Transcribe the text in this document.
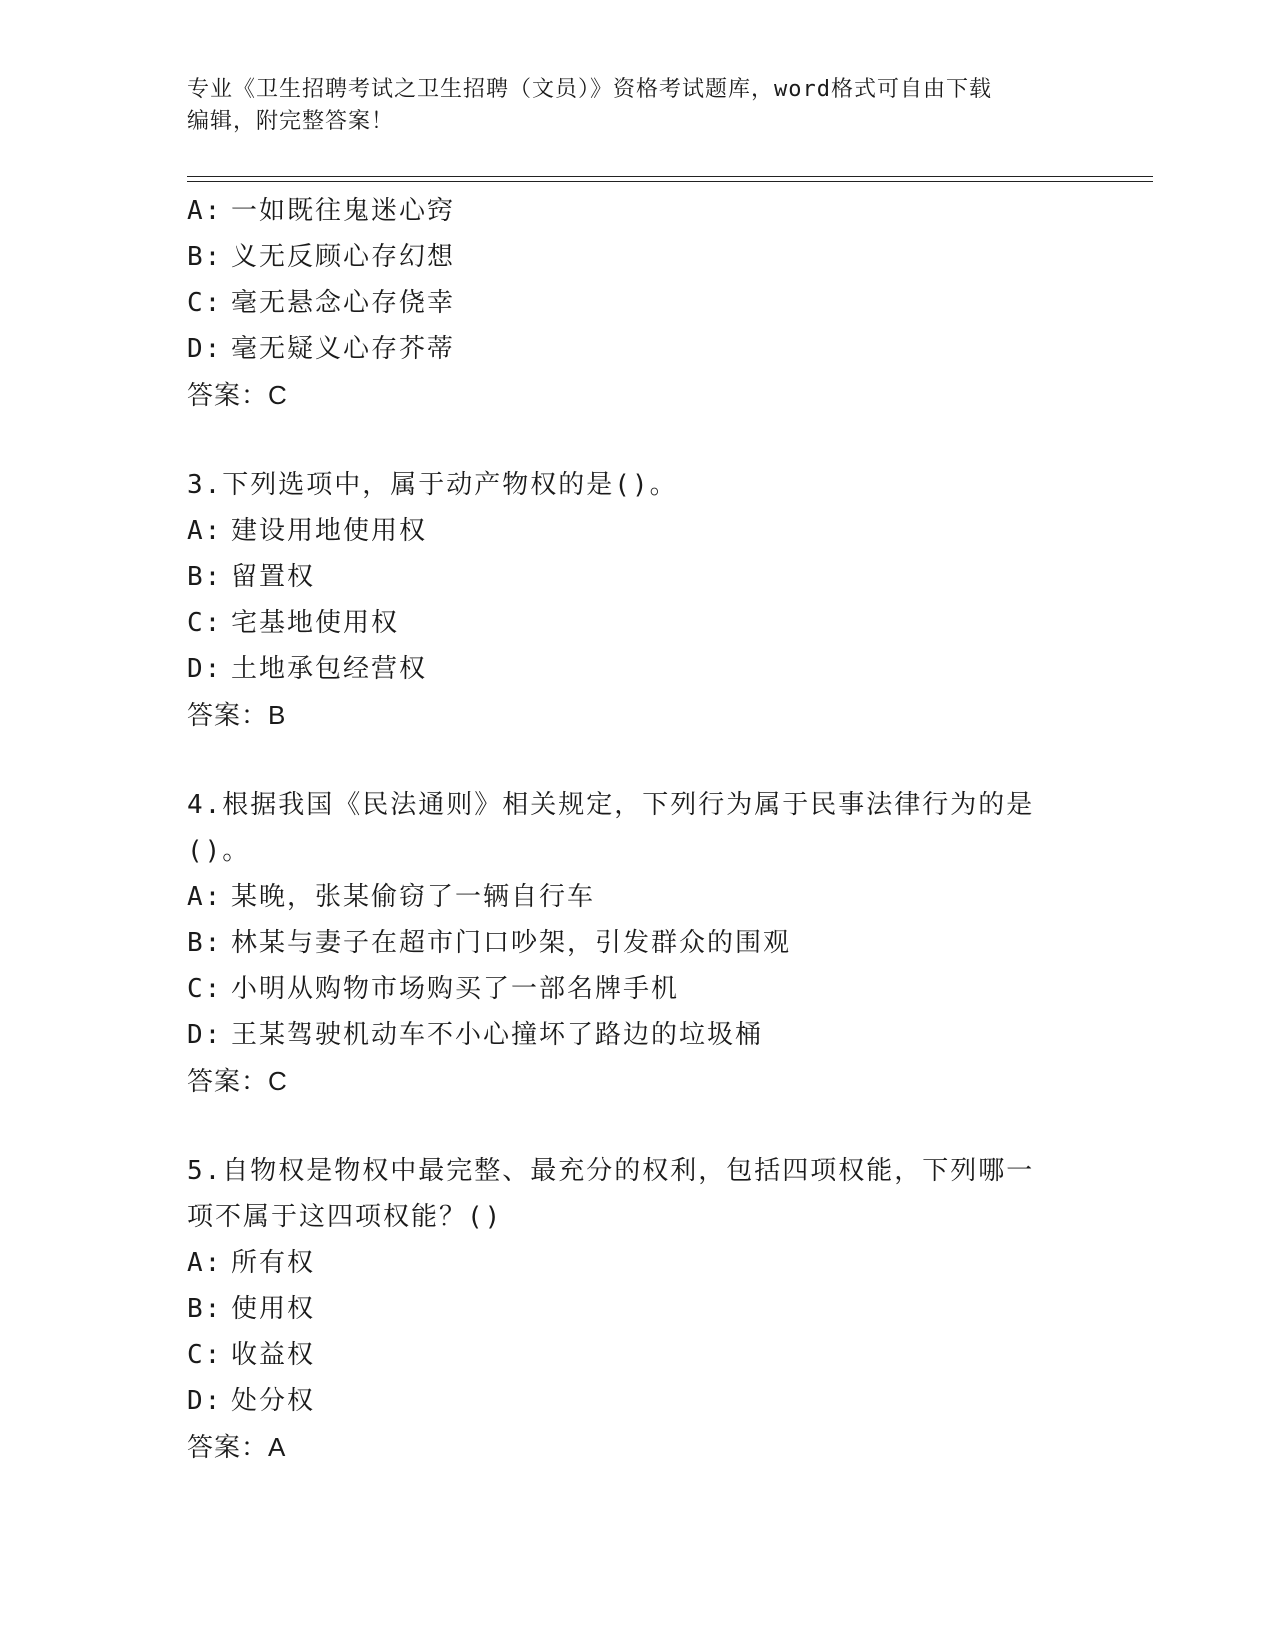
专业《卫生招聘考试之卫生招聘（文员）》资格考试题库，word格式可自由下载
编辑，附完整答案！
A: 一如既往鬼迷心窍
B: 义无反顾心存幻想
C: 毫无悬念心存侥幸
D: 毫无疑义心存芥蒂
答案：C
3.下列选项中，属于动产物权的是()。
A: 建设用地使用权
B: 留置权
C: 宅基地使用权
D: 土地承包经营权
答案：B
4.根据我国《民法通则》相关规定，下列行为属于民事法律行为的是
()。
A: 某晚，张某偷窃了一辆自行车
B: 林某与妻子在超市门口吵架，引发群众的围观
C: 小明从购物市场购买了一部名牌手机
D: 王某驾驶机动车不小心撞坏了路边的垃圾桶
答案：C
5.自物权是物权中最完整、最充分的权利，包括四项权能，下列哪一
项不属于这四项权能？()
A: 所有权
B: 使用权
C: 收益权
D: 处分权
答案：A
